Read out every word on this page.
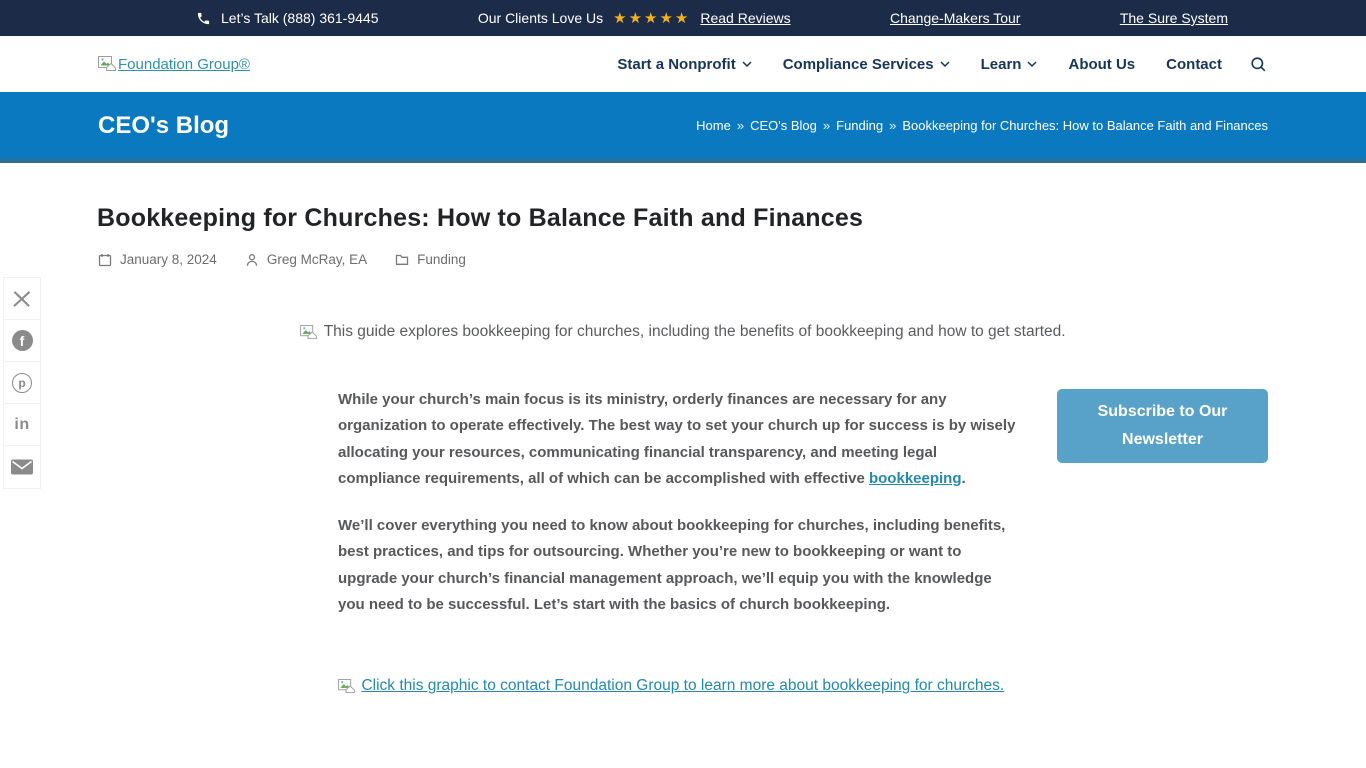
Let’s Talk (888) 361-9445	Our Clients Love Us ★★★★★ Read Reviews	Change-Makers Tour	The Sure System
Foundation Group®	Start a Nonprofit	Compliance Services	Learn	About Us Contact
CEO's Blog	Home » CEO's Blog » Funding » Bookkeeping for Churches: How to Balance Faith and Finances
Bookkeeping for Churches: How to Balance Faith and Finances
January 8, 2024	Greg McRay, EA	Funding
This guide explores bookkeeping for churches, including the benefits of bookkeeping and how to get started.

While your church’s main focus is its ministry, orderly finances are necessary for any organization to operate effectively. The best way to set your church up for success is by wisely allocating your resources, communicating financial transparency, and meeting legal compliance requirements, all of which can be accomplished with effective bookkeeping.

We’ll cover everything you need to know about bookkeeping for churches, including benefits, best practices, and tips for outsourcing. Whether you’re new to bookkeeping or want to upgrade your church’s financial management approach, we’ll equip you with the knowledge you need to be successful. Let’s start with the basics of church bookkeeping.

Click this graphic to contact Foundation Group to learn more about bookkeeping for churches.
Subscribe to Our Newsletter
f
p
in
